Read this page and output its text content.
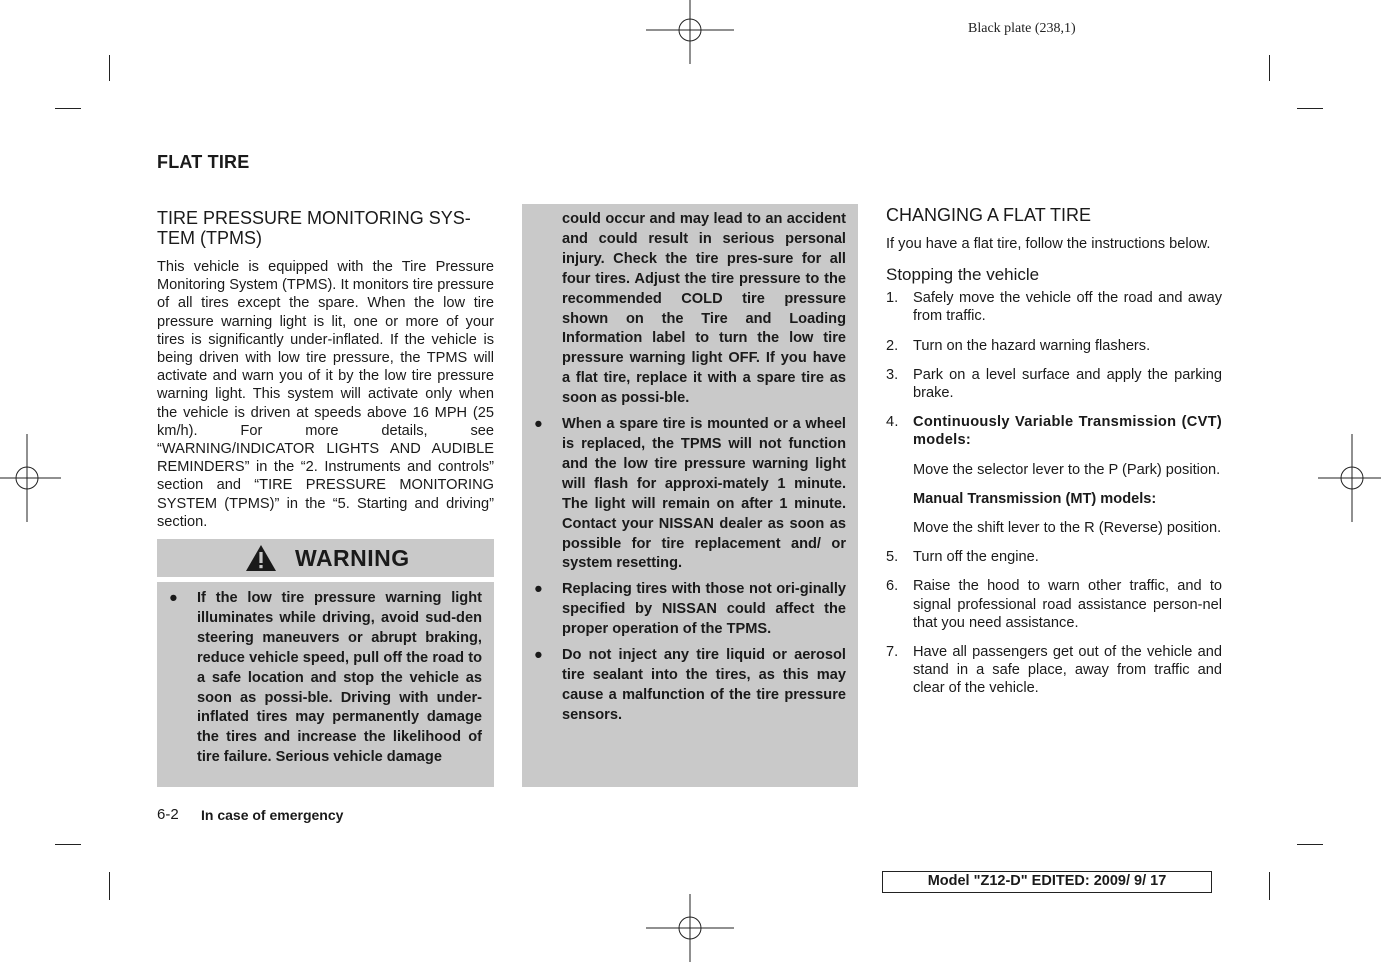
Black plate (238,1)
FLAT TIRE
TIRE PRESSURE MONITORING SYS-
TEM (TPMS)

This vehicle is equipped with the Tire Pressure Monitoring System (TPMS). It monitors tire pressure of all tires except the spare. When the low tire pressure warning light is lit, one or more of your tires is significantly under-inflated. If the vehicle is being driven with low tire pressure, the TPMS will activate and warn you of it by the low tire pressure warning light. This system will activate only when the vehicle is driven at speeds above 16 MPH (25 km/h). For more details, see “WARNING/INDICATOR LIGHTS AND AUDIBLE REMINDERS” in the “2. Instruments and controls” section and “TIRE PRESSURE MONITORING SYSTEM (TPMS)” in the “5. Starting and driving” section.

WARNING
● If the low tire pressure warning light illuminates while driving, avoid sud-den steering maneuvers or abrupt braking, reduce vehicle speed, pull off the road to a safe location and stop the vehicle as soon as possi-ble. Driving with under-inflated tires may permanently damage the tires and increase the likelihood of tire failure. Serious vehicle damage
could occur and may lead to an accident and could result in serious personal injury. Check the tire pres-sure for all four tires. Adjust the tire pressure to the recommended COLD tire pressure shown on the Tire and Loading Information label to turn the low tire pressure warning light OFF. If you have a flat tire, replace it with a spare tire as soon as possi-ble.
● When a spare tire is mounted or a wheel is replaced, the TPMS will not function and the low tire pressure warning light will flash for approxi-mately 1 minute. The light will remain on after 1 minute. Contact your NISSAN dealer as soon as possible for tire replacement and/ or system resetting.
● Replacing tires with those not ori-ginally specified by NISSAN could affect the proper operation of the TPMS.
● Do not inject any tire liquid or aerosol tire sealant into the tires, as this may cause a malfunction of the tire pressure sensors.
CHANGING A FLAT TIRE

If you have a flat tire, follow the instructions below.

Stopping the vehicle
1. Safely move the vehicle off the road and away from traffic.
2. Turn on the hazard warning flashers.
3. Park on a level surface and apply the parking brake.
4. Continuously Variable Transmission (CVT) models:
Move the selector lever to the P (Park) position.
Manual Transmission (MT) models:
Move the shift lever to the R (Reverse) position.
5. Turn off the engine.
6. Raise the hood to warn other traffic, and to signal professional road assistance person-nel that you need assistance.
7. Have all passengers get out of the vehicle and stand in a safe place, away from traffic and clear of the vehicle.
6-2 In case of emergency
Model "Z12-D" EDITED: 2009/ 9/ 17
